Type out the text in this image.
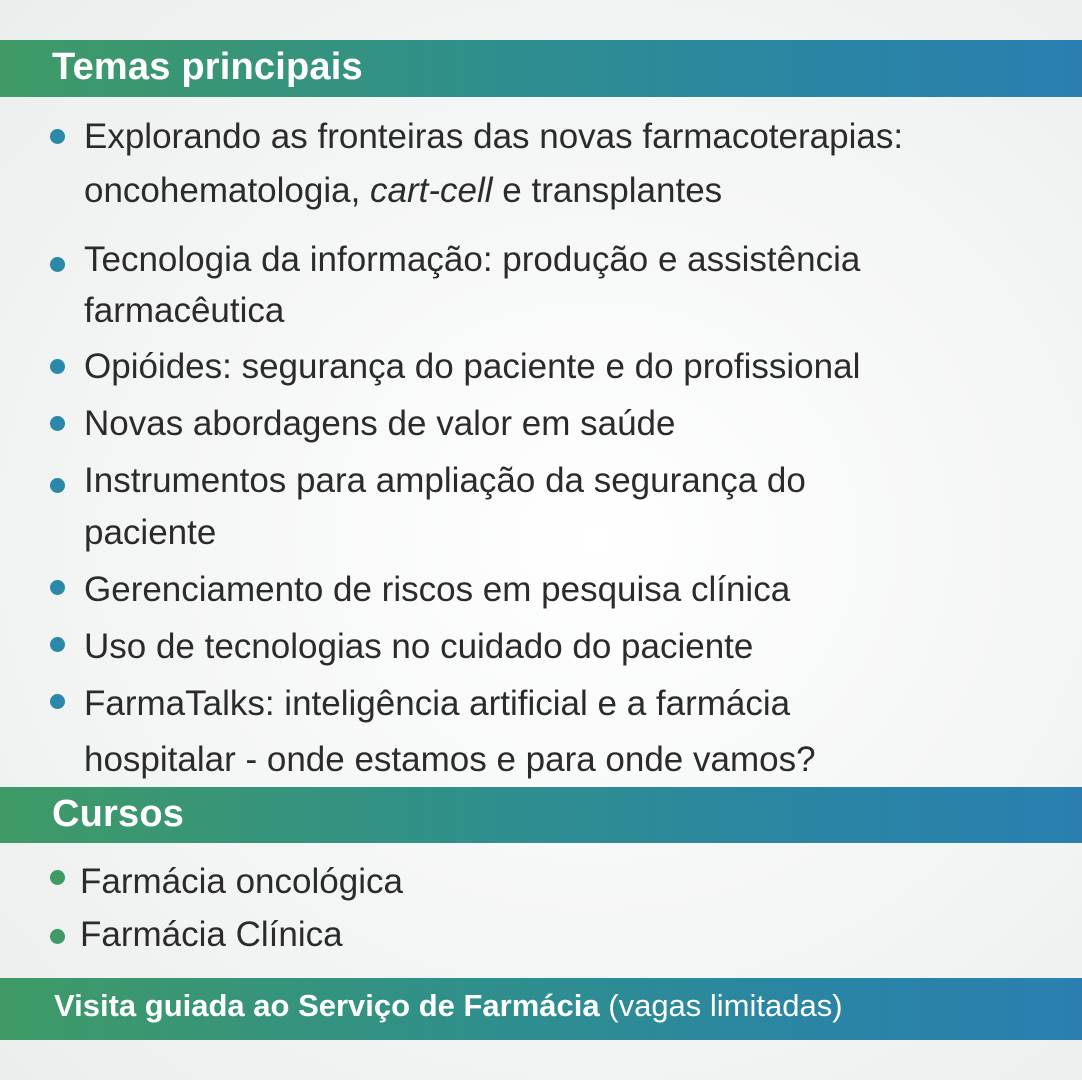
Temas principais
Explorando as fronteiras das novas farmacoterapias:
oncohematologia, cart-cell e transplantes
Tecnologia da informação: produção e assistência
farmacêutica
Opióides: segurança do paciente e do profissional
Novas abordagens de valor em saúde
Instrumentos para ampliação da segurança do
paciente
Gerenciamento de riscos em pesquisa clínica
Uso de tecnologias no cuidado do paciente
FarmaTalks: inteligência artificial e a farmácia
hospitalar - onde estamos e para onde vamos?
Cursos
Farmácia oncológica
Farmácia Clínica
Visita guiada ao Serviço de Farmácia (vagas limitadas)
